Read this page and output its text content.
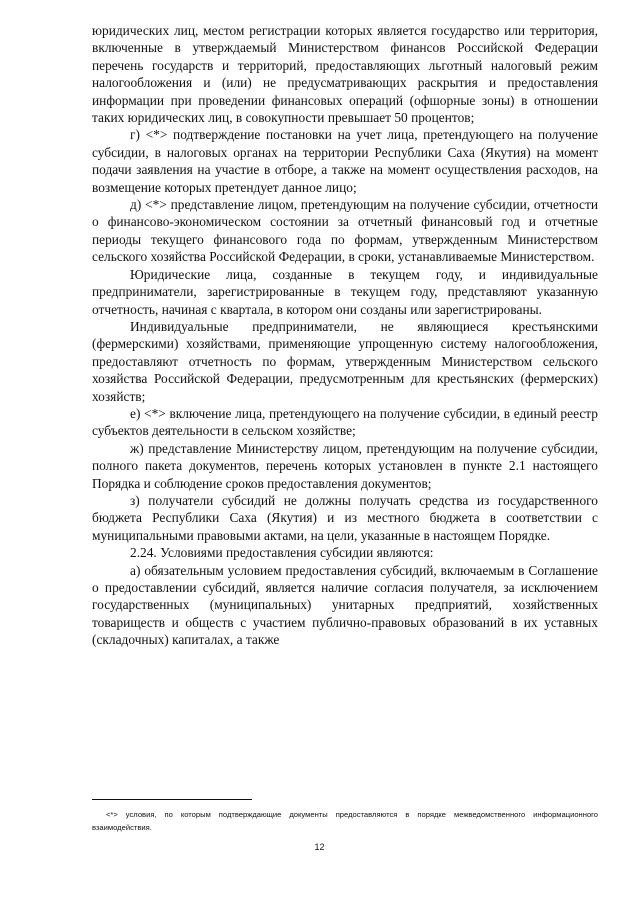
юридических лиц, местом регистрации которых является государство или территория, включенные в утверждаемый Министерством финансов Российской Федерации перечень государств и территорий, предоставляющих льготный налоговый режим налогообложения и (или) не предусматривающих раскрытия и предоставления информации при проведении финансовых операций (офшорные зоны) в отношении таких юридических лиц, в совокупности превышает 50 процентов;

г) <*> подтверждение постановки на учет лица, претендующего на получение субсидии, в налоговых органах на территории Республики Саха (Якутия) на момент подачи заявления на участие в отборе, а также на момент осуществления расходов, на возмещение которых претендует данное лицо;

д) <*> представление лицом, претендующим на получение субсидии, отчетности о финансово-экономическом состоянии за отчетный финансовый год и отчетные периоды текущего финансового года по формам, утвержденным Министерством сельского хозяйства Российской Федерации, в сроки, устанавливаемые Министерством.

Юридические лица, созданные в текущем году, и индивидуальные предприниматели, зарегистрированные в текущем году, представляют указанную отчетность, начиная с квартала, в котором они созданы или зарегистрированы.

Индивидуальные предприниматели, не являющиеся крестьянскими (фермерскими) хозяйствами, применяющие упрощенную систему налогообложения, предоставляют отчетность по формам, утвержденным Министерством сельского хозяйства Российской Федерации, предусмотренным для крестьянских (фермерских) хозяйств;

е) <*> включение лица, претендующего на получение субсидии, в единый реестр субъектов деятельности в сельском хозяйстве;

ж) представление Министерству лицом, претендующим на получение субсидии, полного пакета документов, перечень которых установлен в пункте 2.1 настоящего Порядка и соблюдение сроков предоставления документов;

з) получатели субсидий не должны получать средства из государственного бюджета Республики Саха (Якутия) и из местного бюджета в соответствии с муниципальными правовыми актами, на цели, указанные в настоящем Порядке.

2.24. Условиями предоставления субсидии являются:

а) обязательным условием предоставления субсидий, включаемым в Соглашение о предоставлении субсидий, является наличие согласия получателя, за исключением государственных (муниципальных) унитарных предприятий, хозяйственных товариществ и обществ с участием публично-правовых образований в их уставных (складочных) капиталах, а также

<*> условия, по которым подтверждающие документы предоставляются в порядке межведомственного информационного взаимодействия.
12
